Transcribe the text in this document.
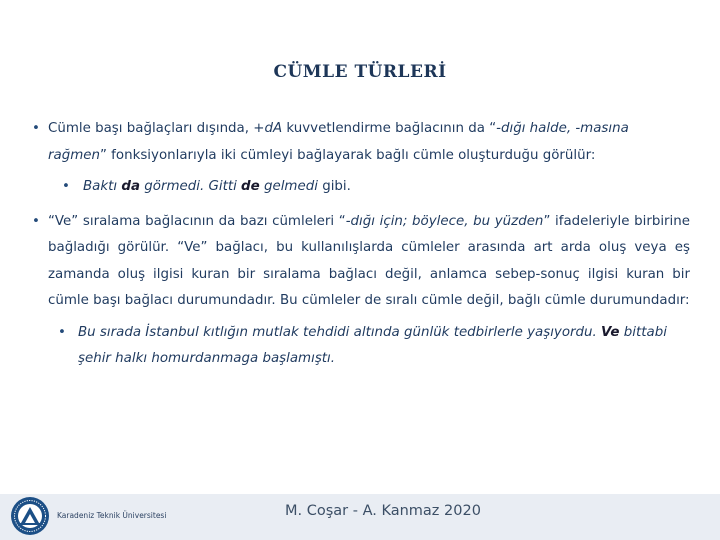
CÜMLE TÜRLERİ
• Cümle başı bağlaçları dışında, +dA kuvvetlendirme bağlacının da “-dığı halde, -masına rağmen” fonksiyonlarıyla iki cümleyi bağlayarak bağlı cümle oluşturduğu görülür:
• Baktı da görmedi. Gitti de gelmedi gibi.
• “Ve” sıralama bağlacının da bazı cümleleri “-dığı için; böylece, bu yüzden” ifadeleriyle birbirine bağladığı görülür. “Ve” bağlacı, bu kullanılışlarda cümleler arasında art arda oluş veya eş zamanda oluş ilgisi kuran bir sıralama bağlacı değil, anlamca sebep-sonuç ilgisi kuran bir cümle başı bağlacı durumundadır. Bu cümleler de sıralı cümle değil, bağlı cümle durumundadır:
• Bu sırada İstanbul kıtlığın mutlak tehdidi altında günlük tedbirlerle yaşıyordu. Ve bittabi şehir halkı homurdanmaga başlamıştı.
Karadeniz Teknik Üniversitesi	M. Coşar - A. Kanmaz 2020
